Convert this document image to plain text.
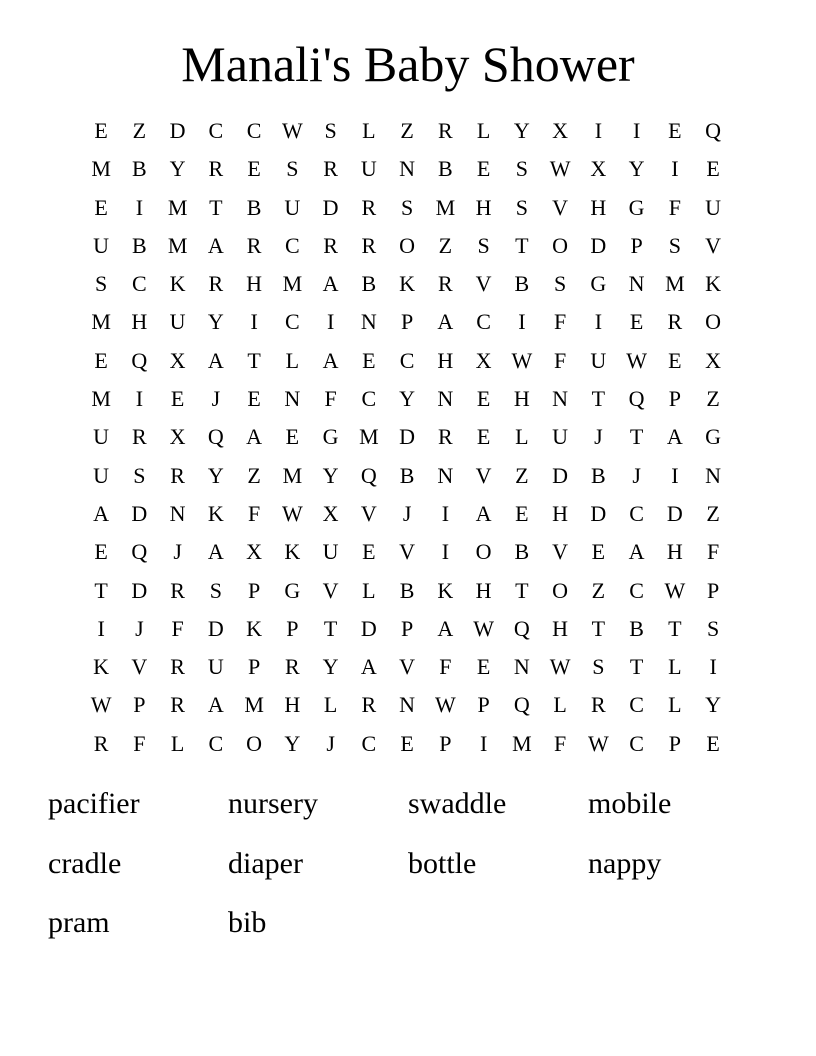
Manali's Baby Shower
E	Z	D	C	C W S	L	Z	R	L	Y	X	I	I	E	Q
M B	Y	R	E	S	R	U	N	B	E	S W X	Y	I	E
E	I	M T	B	U	D	R	S	M H	S	V	H	G	F	U
U	B M A	R	C	R	R	O	Z	S	T	O	D	P	S	V
S	C	K	R	H M A	B	K	R	V	B	S	G	N M K
M H	U	Y	I	C	I	N	P	A	C	I	F	I	E	R	O
E	Q	X	A	T	L	A	E	C	H	X W F	U W E	X
M	I	E	J	E	N	F	C	Y	N	E	H	N	T	Q	P	Z
U	R	X	Q	A	E	G M D	R	E	L	U	J	T	A	G
U	S	R	Y	Z M Y	Q	B	N	V	Z	D	B	J	I	N
A	D	N	K	F W X	V	J	I	A	E	H	D	C	D	Z
E	Q	J	A	X	K	U	E	V	I	O	B	V	E	A	H	F
T	D	R	S	P	G	V	L	B	K	H	T	O	Z	C W P
I	J	F	D	K	P	T	D	P	A W Q	H	T	B	T	S
K	V	R	U	P	R	Y	A	V	F	E	N W S	T	L	I
W P	R	A M H	L	R	N W P	Q	L	R	C	L	Y
R	F	L	C	O	Y	J	C	E	P	I	M	F W C	P	E
pacifier	nursery	swaddle	mobile
cradle	diaper	bottle	nappy
pram	bib
